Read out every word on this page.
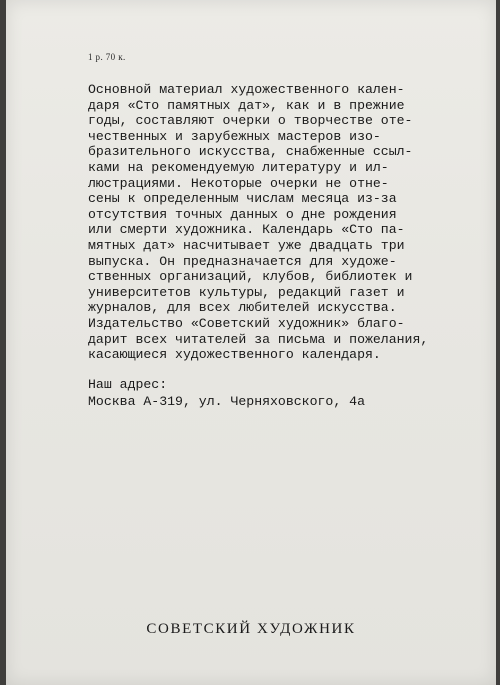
1 р. 70 к.
Основной материал художественного кален-
даря «Сто памятных дат», как и в прежние
годы, составляют очерки о творчестве оте-
чественных и зарубежных мастеров изо-
бразительного искусства, снабженные ссыл-
ками на рекомендуемую литературу и ил-
люстрациями. Некоторые очерки не отне-
сены к определенным числам месяца из-за
отсутствия точных данных о дне рождения
или смерти художника. Календарь «Сто па-
мятных дат» насчитывает уже двадцать три
выпуска. Он предназначается для художе-
ственных организаций, клубов, библиотек и
университетов культуры, редакций газет и
журналов, для всех любителей искусства.
Издательство «Советский художник» благо-
дарит всех читателей за письма и пожелания,
касающиеся художественного календаря.
Наш адрес:
Москва А-319, ул. Черняховского, 4а
СОВЕТСКИЙ ХУДОЖНИК
